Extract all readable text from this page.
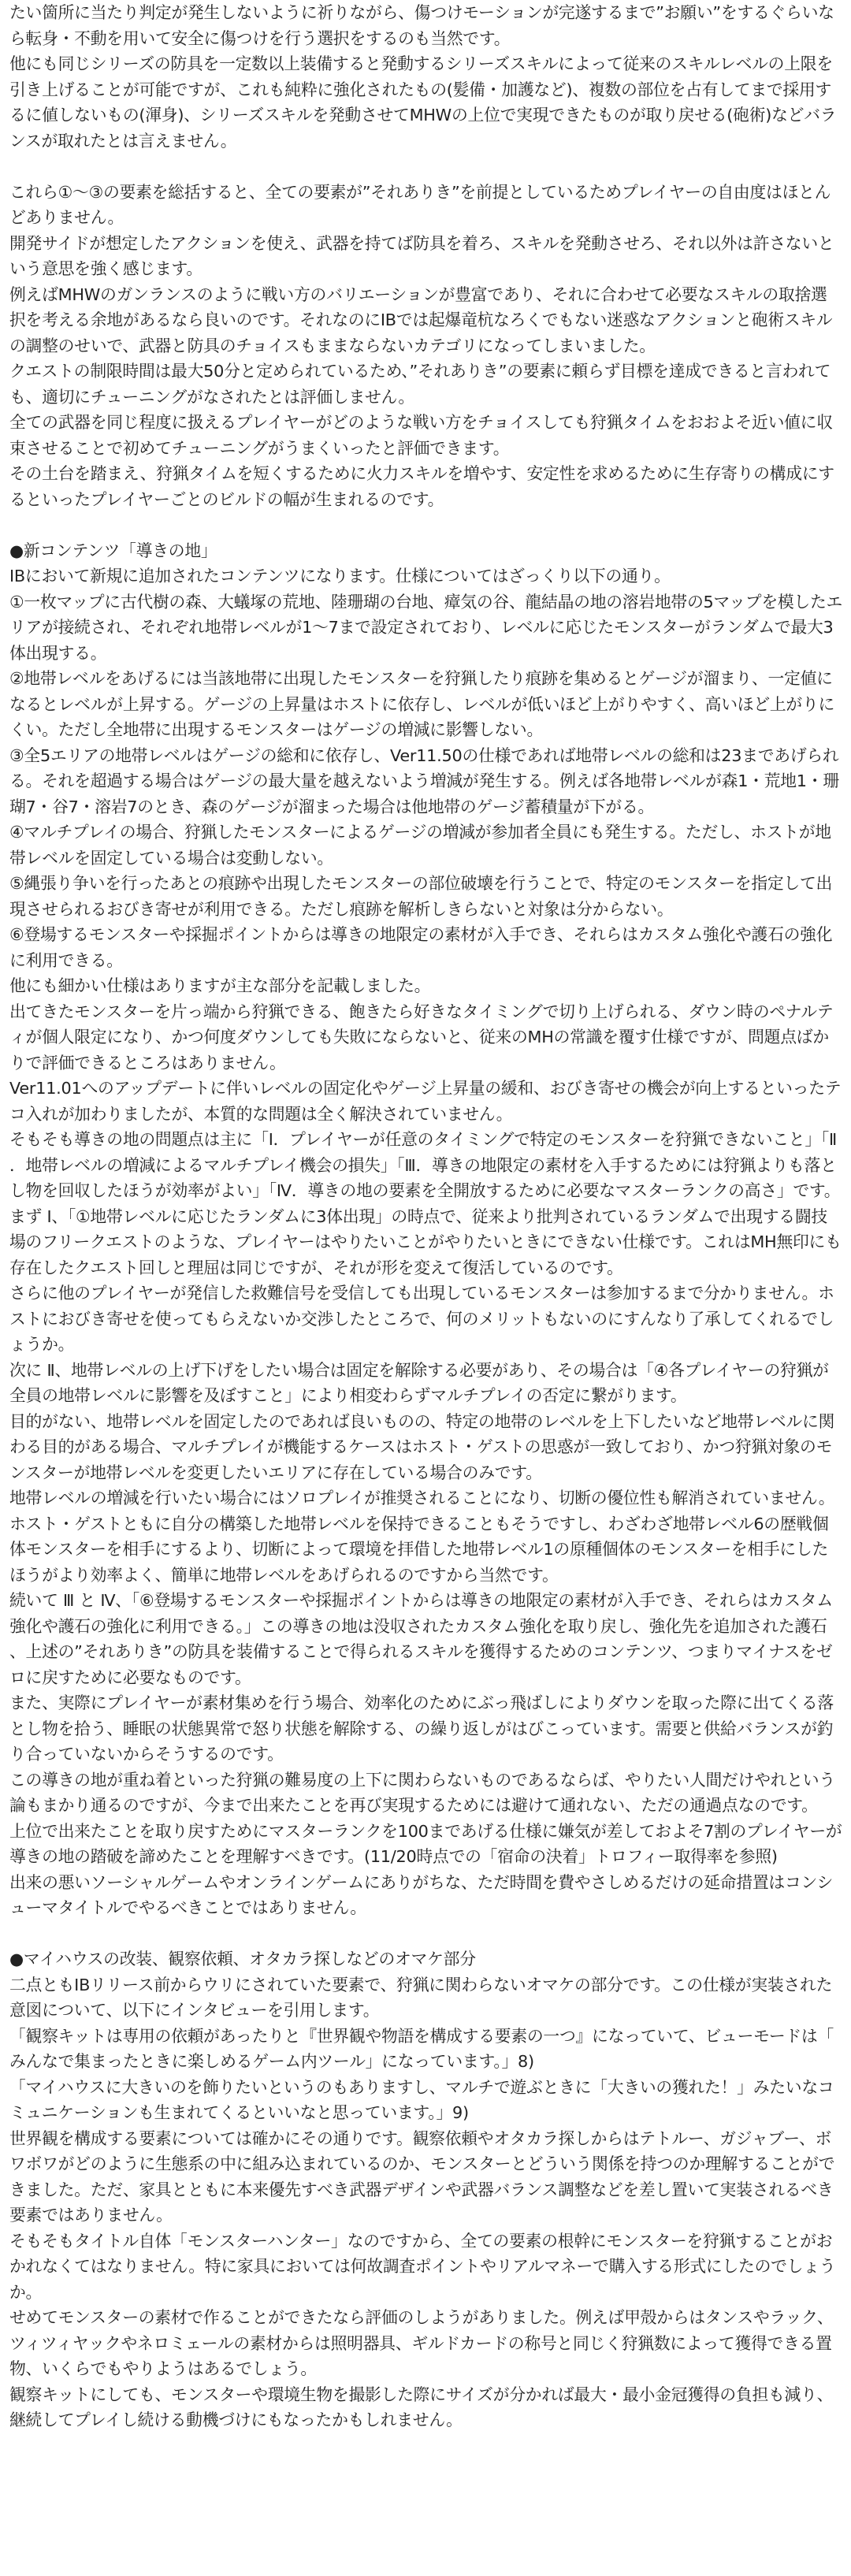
たい箇所に当たり判定が発生しないように祈りながら、傷つけモーションが完遂するまで”お願い”をするぐらいなら転身・不動を用いて安全に傷つけを行う選択をするのも当然です。

他にも同じシリーズの防具を一定数以上装備すると発動するシリーズスキルによって従来のスキルレベルの上限を引き上げることが可能ですが、これも純粋に強化されたもの(髪備・加護など)、複数の部位を占有してまで採用するに値しないもの(渾身)、シリーズスキルを発動させてMHWの上位で実現できたものが取り戻せる(砲術)などバランスが取れたとは言えません。

これら①～③の要素を総括すると、全ての要素が”それありき”を前提としているためプレイヤーの自由度はほとんどありません。

開発サイドが想定したアクションを使え、武器を持てば防具を着ろ、スキルを発動させろ、それ以外は許さないという意思を強く感じます。

例えばMHWのガンランスのように戦い方のバリエーションが豊富であり、それに合わせて必要なスキルの取捨選択を考える余地があるなら良いのです。それなのにIBでは起爆竜杭なろくでもない迷惑なアクションと砲術スキルの調整のせいで、武器と防具のチョイスもままならないカテゴリになってしまいました。

クエストの制限時間は最大50分と定められているため、”それありき”の要素に頼らず目標を達成できると言われても、適切にチューニングがなされたとは評価しません。

全ての武器を同じ程度に扱えるプレイヤーがどのような戦い方をチョイスしても狩猟タイムをおおよそ近い値に収束させることで初めてチューニングがうまくいったと評価できます。

その土台を踏まえ、狩猟タイムを短くするために火力スキルを増やす、安定性を求めるために生存寄りの構成にするといったプレイヤーごとのビルドの幅が生まれるのです。

●新コンテンツ「導きの地」

IBにおいて新規に追加されたコンテンツになります。仕様についてはざっくり以下の通り。

①一枚マップに古代樹の森、大蟻塚の荒地、陸珊瑚の台地、瘴気の谷、龍結晶の地の溶岩地帯の5マップを模したエリアが接続され、それぞれ地帯レベルが1～7まで設定されており、レベルに応じたモンスターがランダムで最大3体出現する。

②地帯レベルをあげるには当該地帯に出現したモンスターを狩猟したり痕跡を集めるとゲージが溜まり、一定値になるとレベルが上昇する。ゲージの上昇量はホストに依存し、レベルが低いほど上がりやすく、高いほど上がりにくい。ただし全地帯に出現するモンスターはゲージの増減に影響しない。

③全5エリアの地帯レベルはゲージの総和に依存し、Ver11.50の仕様であれば地帯レベルの総和は23まであげられる。それを超過する場合はゲージの最大量を越えないよう増減が発生する。例えば各地帯レベルが森1・荒地1・珊瑚7・谷7・溶岩7のとき、森のゲージが溜まった場合は他地帯のゲージ蓄積量が下がる。

④マルチプレイの場合、狩猟したモンスターによるゲージの増減が参加者全員にも発生する。ただし、ホストが地帯レベルを固定している場合は変動しない。

⑤縄張り争いを行ったあとの痕跡や出現したモンスターの部位破壊を行うことで、特定のモンスターを指定して出現させられるおびき寄せが利用できる。ただし痕跡を解析しきらないと対象は分からない。

⑥登場するモンスターや採掘ポイントからは導きの地限定の素材が入手でき、それらはカスタム強化や護石の強化に利用できる。

他にも細かい仕様はありますが主な部分を記載しました。

出てきたモンスターを片っ端から狩猟できる、飽きたら好きなタイミングで切り上げられる、ダウン時のペナルティが個人限定になり、かつ何度ダウンしても失敗にならないと、従来のMHの常識を覆す仕様ですが、問題点ばかりで評価できるところはありません。

Ver11.01へのアップデートに伴いレベルの固定化やゲージ上昇量の緩和、おびき寄せの機会が向上するといったテコ入れが加わりましたが、本質的な問題は全く解決されていません。

そもそも導きの地の問題点は主に「Ⅰ．プレイヤーが任意のタイミングで特定のモンスターを狩猟できないこと」「Ⅱ．地帯レベルの増減によるマルチプレイ機会の損失」「Ⅲ．導きの地限定の素材を入手するためには狩猟よりも落とし物を回収したほうが効率がよい」「Ⅳ．導きの地の要素を全開放するために必要なマスターランクの高さ」です。

まず Ⅰ、「①地帯レベルに応じたランダムに3体出現」の時点で、従来より批判されているランダムで出現する闘技場のフリークエストのような、プレイヤーはやりたいことがやりたいときにできない仕様です。これはMH無印にも存在したクエスト回しと理屈は同じですが、それが形を変えて復活しているのです。

さらに他のプレイヤーが発信した救難信号を受信しても出現しているモンスターは参加するまで分かりません。ホストにおびき寄せを使ってもらえないか交渉したところで、何のメリットもないのにすんなり了承してくれるでしょうか。

次に Ⅱ、地帯レベルの上げ下げをしたい場合は固定を解除する必要があり、その場合は「④各プレイヤーの狩猟が全員の地帯レベルに影響を及ぼすこと」により相変わらずマルチプレイの否定に繋がります。

目的がない、地帯レベルを固定したのであれば良いものの、特定の地帯のレベルを上下したいなど地帯レベルに関わる目的がある場合、マルチプレイが機能するケースはホスト・ゲストの思惑が一致しており、かつ狩猟対象のモンスターが地帯レベルを変更したいエリアに存在している場合のみです。

地帯レベルの増減を行いたい場合にはソロプレイが推奨されることになり、切断の優位性も解消されていません。ホスト・ゲストともに自分の構築した地帯レベルを保持できることもそうですし、わざわざ地帯レベル6の歴戦個体モンスターを相手にするより、切断によって環境を拝借した地帯レベル1の原種個体のモンスターを相手にしたほうがより効率よく、簡単に地帯レベルをあげられるのですから当然です。

続いて Ⅲ と Ⅳ、「⑥登場するモンスターや採掘ポイントからは導きの地限定の素材が入手でき、それらはカスタム強化や護石の強化に利用できる。」この導きの地は没収されたカスタム強化を取り戻し、強化先を追加された護石、上述の”それありき”の防具を装備することで得られるスキルを獲得するためのコンテンツ、つまりマイナスをゼロに戻すために必要なものです。

また、実際にプレイヤーが素材集めを行う場合、効率化のためにぶっ飛ばしによりダウンを取った際に出てくる落とし物を拾う、睡眠の状態異常で怒り状態を解除する、の繰り返しがはびこっています。需要と供給バランスが釣り合っていないからそうするのです。

この導きの地が重ね着といった狩猟の難易度の上下に関わらないものであるならば、やりたい人間だけやれという論もまかり通るのですが、今まで出来たことを再び実現するためには避けて通れない、ただの通過点なのです。

上位で出来たことを取り戻すためにマスターランクを100まであげる仕様に嫌気が差しておよそ7割のプレイヤーが導きの地の踏破を諦めたことを理解すべきです。(11/20時点での「宿命の決着」トロフィー取得率を参照)

出来の悪いソーシャルゲームやオンラインゲームにありがちな、ただ時間を費やさしめるだけの延命措置はコンシューマタイトルでやるべきことではありません。

●マイハウスの改装、観察依頼、オタカラ探しなどのオマケ部分

二点ともIBリリース前からウリにされていた要素で、狩猟に関わらないオマケの部分です。この仕様が実装された意図について、以下にインタビューを引用します。

「観察キットは専用の依頼があったりと『世界観や物語を構成する要素の一つ』になっていて、ビューモードは「みんなで集まったときに楽しめるゲーム内ツール」になっています。」8)

「マイハウスに大きいのを飾りたいというのもありますし、マルチで遊ぶときに「大きいの獲れた！」みたいなコミュニケーションも生まれてくるといいなと思っています。」9)

世界観を構成する要素については確かにその通りです。観察依頼やオタカラ探しからはテトルー、ガジャブー、ボワボワがどのように生態系の中に組み込まれているのか、モンスターとどういう関係を持つのか理解することができました。ただ、家具とともに本来優先すべき武器デザインや武器バランス調整などを差し置いて実装されるべき要素ではありません。

そもそもタイトル自体「モンスターハンター」なのですから、全ての要素の根幹にモンスターを狩猟することがおかれなくてはなりません。特に家具においては何故調査ポイントやリアルマネーで購入する形式にしたのでしょうか。

せめてモンスターの素材で作ることができたなら評価のしようがありました。例えば甲殻からはタンスやラック、ツィツィヤックやネロミェールの素材からは照明器具、ギルドカードの称号と同じく狩猟数によって獲得できる置物、いくらでもやりようはあるでしょう。

観察キットにしても、モンスターや環境生物を撮影した際にサイズが分かれば最大・最小金冠獲得の負担も減り、継続してプレイし続ける動機づけにもなったかもしれません。
